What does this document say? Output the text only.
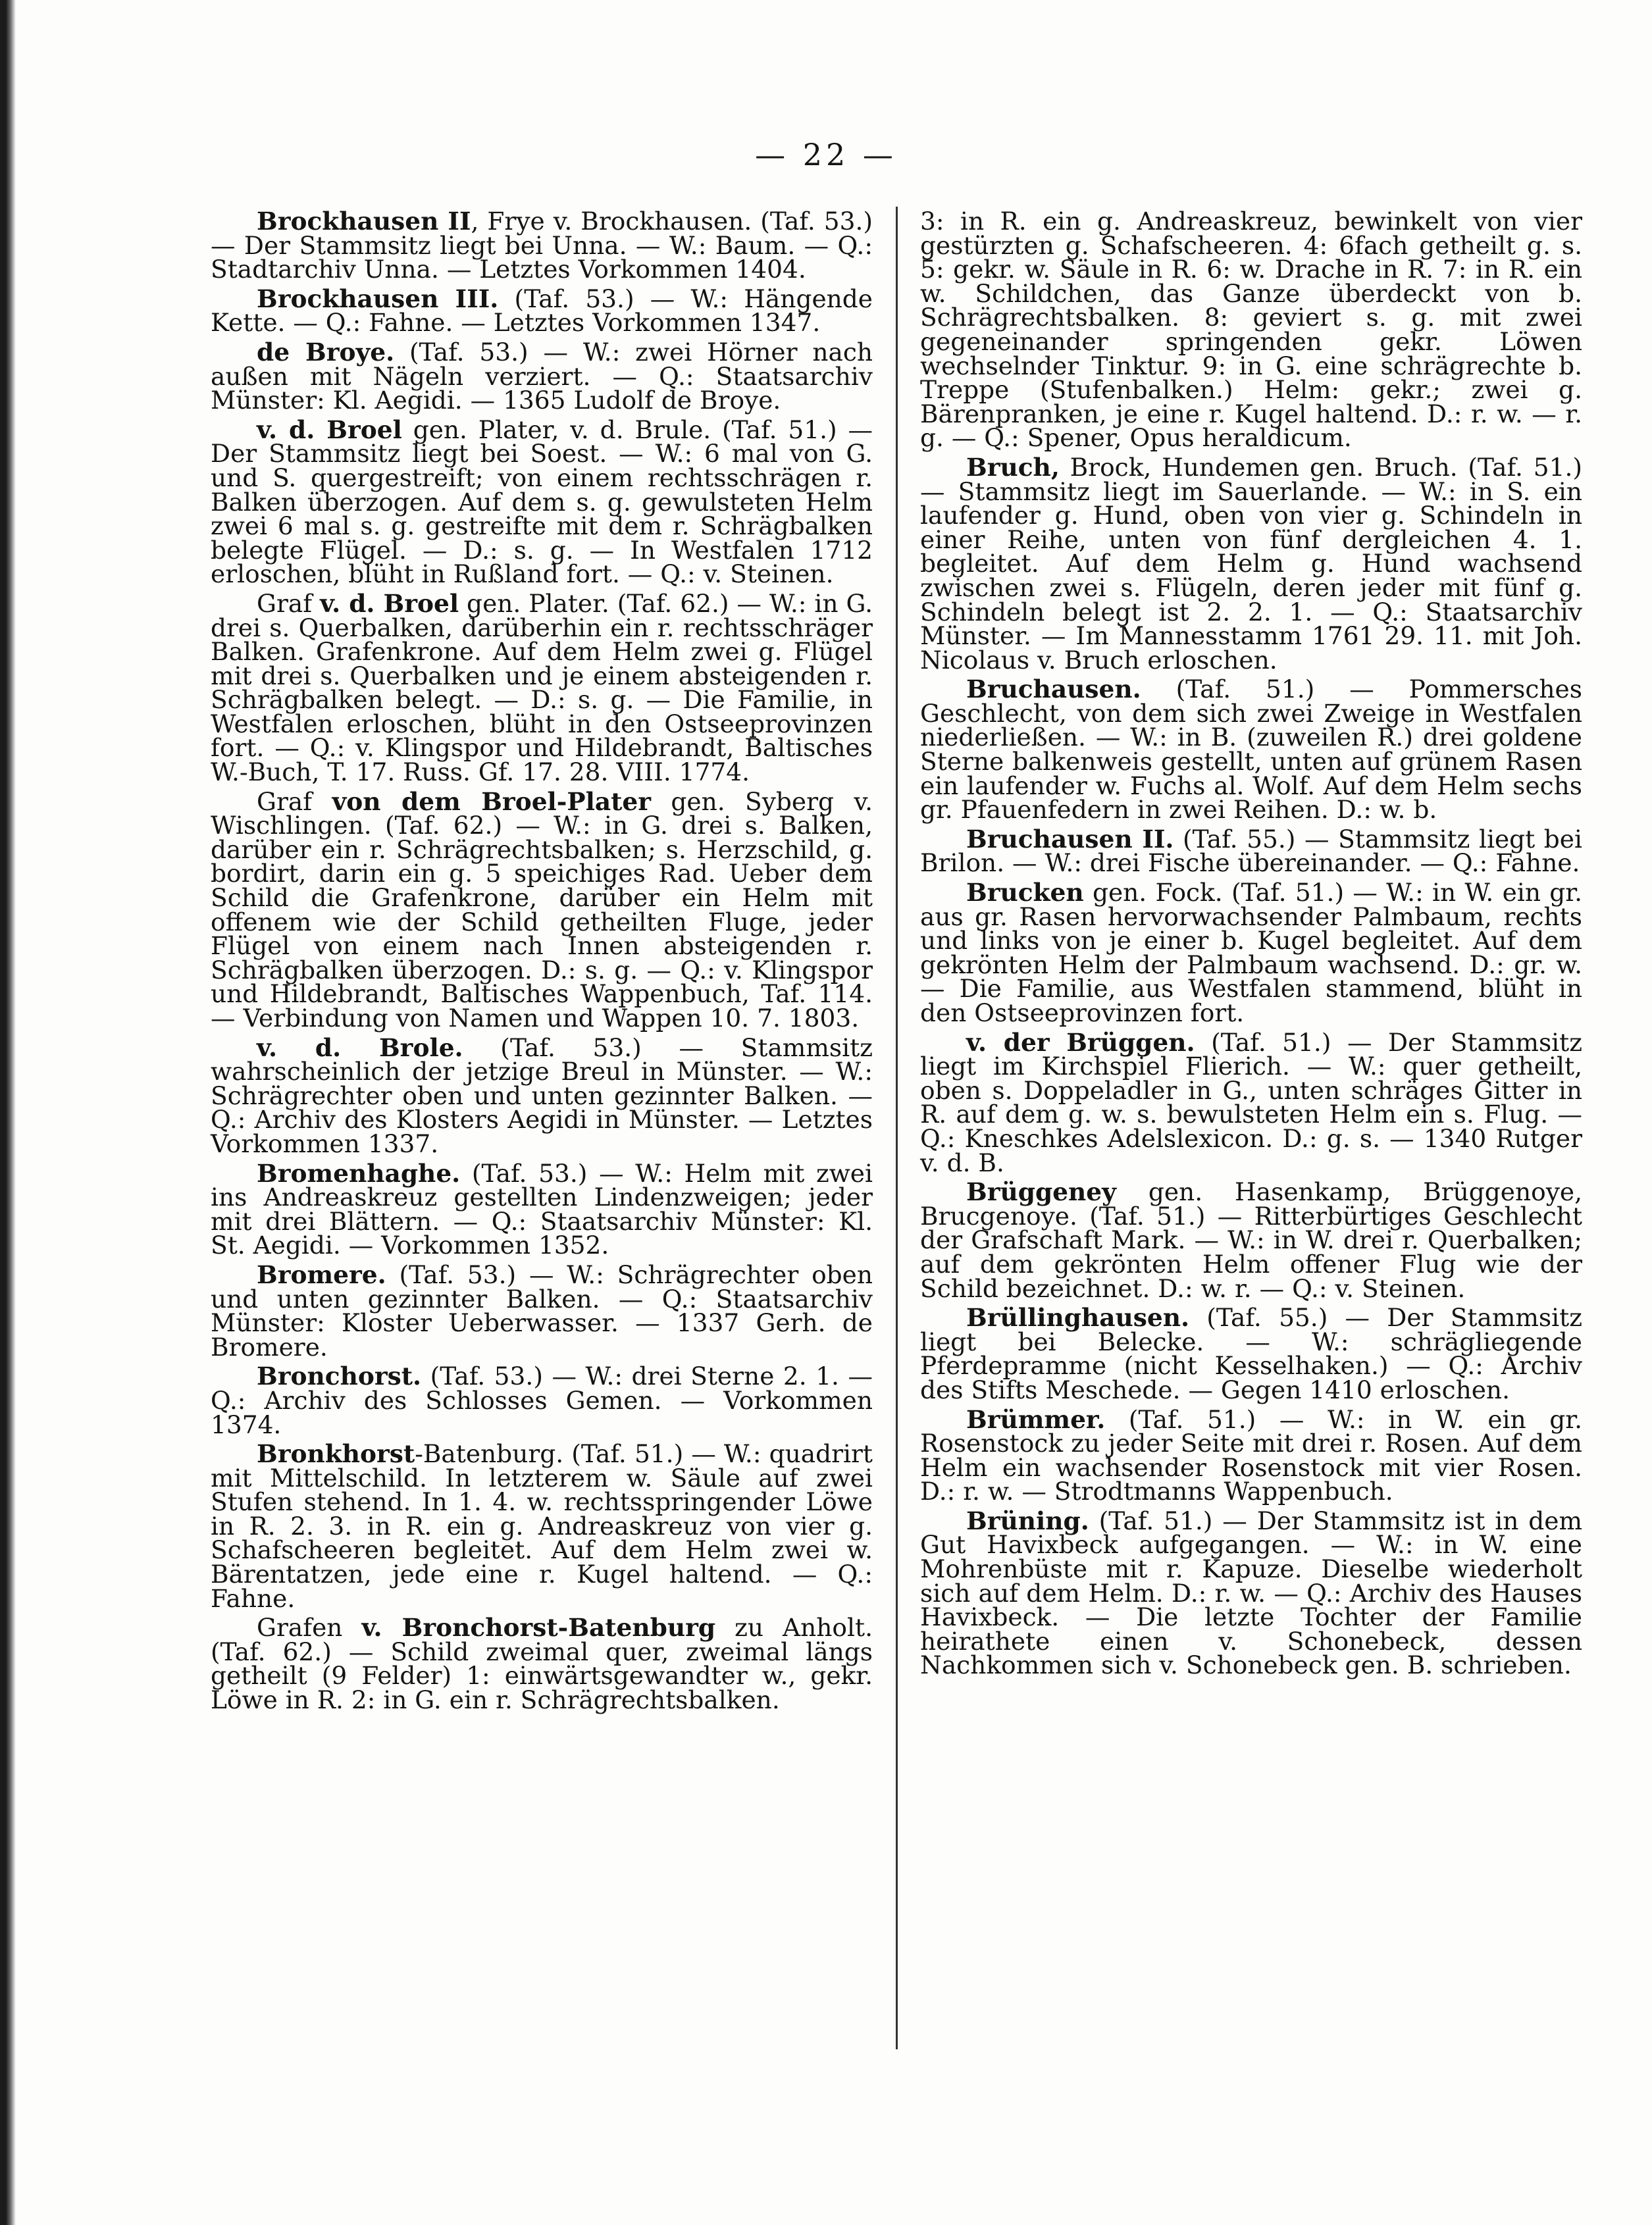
— 22 —

Brockhausen II, Frye v. Brockhausen. (Taf. 53.) — Der Stammsitz liegt bei Unna. — W.: Baum. — Q.: Stadtarchiv Unna. — Letztes Vorkommen 1404.

Brockhausen III. (Taf. 53.) — W.: Hängende Kette. — Q.: Fahne. — Letztes Vorkommen 1347.

de Broye. (Taf. 53.) — W.: zwei Hörner nach außen mit Nägeln verziert. — Q.: Staatsarchiv Münster: Kl. Aegidi. — 1365 Ludolf de Broye.

v. d. Broel gen. Plater, v. d. Brule. (Taf. 51.) — Der Stammsitz liegt bei Soest. — W.: 6 mal von G. und S. quergestreift; von einem rechtsschrägen r. Balken überzogen. Auf dem s. g. gewulsteten Helm zwei 6 mal s. g. gestreifte mit dem r. Schrägbalken belegte Flügel. — D.: s. g. — In Westfalen 1712 erloschen, blüht in Rußland fort. — Q.: v. Steinen.

Graf v. d. Broel gen. Plater. (Taf. 62.) — W.: in G. drei s. Querbalken, darüberhin ein r. rechtsschräger Balken. Grafenkrone. Auf dem Helm zwei g. Flügel mit drei s. Querbalken und je einem absteigenden r. Schrägbalken belegt. — D.: s. g. — Die Familie, in Westfalen erloschen, blüht in den Ostseeprovinzen fort. — Q.: v. Klingspor und Hildebrandt, Baltisches W.-Buch, T. 17. Russ. Gf. 17. 28. VIII. 1774.

Graf von dem Broel-Plater gen. Syberg v. Wischlingen. (Taf. 62.) — W.: in G. drei s. Balken, darüber ein r. Schrägrechtsbalken; s. Herzschild, g. bordirt, darin ein g. 5 speichiges Rad. Ueber dem Schild die Grafenkrone, darüber ein Helm mit offenem wie der Schild getheilten Fluge, jeder Flügel von einem nach Innen absteigenden r. Schrägbalken überzogen. D.: s. g. — Q.: v. Klingspor und Hildebrandt, Baltisches Wappenbuch, Taf. 114. — Verbindung von Namen und Wappen 10. 7. 1803.

v. d. Brole. (Taf. 53.) — Stammsitz wahrscheinlich der jetzige Breul in Münster. — W.: Schrägrechter oben und unten gezinnter Balken. — Q.: Archiv des Klosters Aegidi in Münster. — Letztes Vorkommen 1337.

Bromenhaghe. (Taf. 53.) — W.: Helm mit zwei ins Andreaskreuz gestellten Lindenzweigen; jeder mit drei Blättern. — Q.: Staatsarchiv Münster: Kl. St. Aegidi. — Vorkommen 1352.

Bromere. (Taf. 53.) — W.: Schrägrechter oben und unten gezinnter Balken. — Q.: Staatsarchiv Münster: Kloster Ueberwasser. — 1337 Gerh. de Bromere.

Bronchorst. (Taf. 53.) — W.: drei Sterne 2. 1. — Q.: Archiv des Schlosses Gemen. — Vorkommen 1374.

Bronkhorst-Batenburg. (Taf. 51.) — W.: quadrirt mit Mittelschild. In letzterem w. Säule auf zwei Stufen stehend. In 1. 4. w. rechtsspringender Löwe in R. 2. 3. in R. ein g. Andreaskreuz von vier g. Schafscheeren begleitet. Auf dem Helm zwei w. Bärentatzen, jede eine r. Kugel haltend. — Q.: Fahne.

Grafen v. Bronchorst-Batenburg zu Anholt. (Taf. 62.) — Schild zweimal quer, zweimal längs getheilt (9 Felder) 1: einwärtsgewandter w., gekr. Löwe in R. 2: in G. ein r. Schrägrechtsbalken.

3: in R. ein g. Andreaskreuz, bewinkelt von vier gestürzten g. Schafscheeren. 4: 6fach getheilt g. s. 5: gekr. w. Säule in R. 6: w. Drache in R. 7: in R. ein w. Schildchen, das Ganze überdeckt von b. Schrägrechtsbalken. 8: geviert s. g. mit zwei gegeneinander springenden gekr. Löwen wechselnder Tinktur. 9: in G. eine schrägrechte b. Treppe (Stufenbalken.) Helm: gekr.; zwei g. Bärenpranken, je eine r. Kugel haltend. D.: r. w. — r. g. — Q.: Spener, Opus heraldicum.

Bruch, Brock, Hundemen gen. Bruch. (Taf. 51.) — Stammsitz liegt im Sauerlande. — W.: in S. ein laufender g. Hund, oben von vier g. Schindeln in einer Reihe, unten von fünf dergleichen 4. 1. begleitet. Auf dem Helm g. Hund wachsend zwischen zwei s. Flügeln, deren jeder mit fünf g. Schindeln belegt ist 2. 2. 1. — Q.: Staatsarchiv Münster. — Im Mannesstamm 1761 29. 11. mit Joh. Nicolaus v. Bruch erloschen.

Bruchausen. (Taf. 51.) — Pommersches Geschlecht, von dem sich zwei Zweige in Westfalen niederließen. — W.: in B. (zuweilen R.) drei goldene Sterne balkenweis gestellt, unten auf grünem Rasen ein laufender w. Fuchs al. Wolf. Auf dem Helm sechs gr. Pfauenfedern in zwei Reihen. D.: w. b.

Bruchausen II. (Taf. 55.) — Stammsitz liegt bei Brilon. — W.: drei Fische übereinander. — Q.: Fahne.

Brucken gen. Fock. (Taf. 51.) — W.: in W. ein gr. aus gr. Rasen hervorwachsender Palmbaum, rechts und links von je einer b. Kugel begleitet. Auf dem gekrönten Helm der Palmbaum wachsend. D.: gr. w. — Die Familie, aus Westfalen stammend, blüht in den Ostseeprovinzen fort.

v. der Brüggen. (Taf. 51.) — Der Stammsitz liegt im Kirchspiel Flierich. — W.: quer getheilt, oben s. Doppeladler in G., unten schräges Gitter in R. auf dem g. w. s. bewulsteten Helm ein s. Flug. — Q.: Kneschkes Adelslexicon. D.: g. s. — 1340 Rutger v. d. B.

Brüggeney gen. Hasenkamp, Brüggenoye, Brucgenoye. (Taf. 51.) — Ritterbürtiges Geschlecht der Grafschaft Mark. — W.: in W. drei r. Querbalken; auf dem gekrönten Helm offener Flug wie der Schild bezeichnet. D.: w. r. — Q.: v. Steinen.

Brüllinghausen. (Taf. 55.) — Der Stammsitz liegt bei Belecke. — W.: schrägliegende Pferdepramme (nicht Kesselhaken.) — Q.: Archiv des Stifts Meschede. — Gegen 1410 erloschen.

Brümmer. (Taf. 51.) — W.: in W. ein gr. Rosenstock zu jeder Seite mit drei r. Rosen. Auf dem Helm ein wachsender Rosenstock mit vier Rosen. D.: r. w. — Strodtmanns Wappenbuch.

Brüning. (Taf. 51.) — Der Stammsitz ist in dem Gut Havixbeck aufgegangen. — W.: in W. eine Mohrenbüste mit r. Kapuze. Dieselbe wiederholt sich auf dem Helm. D.: r. w. — Q.: Archiv des Hauses Havixbeck. — Die letzte Tochter der Familie heirathete einen v. Schonebeck, dessen Nachkommen sich v. Schonebeck gen. B. schrieben.
